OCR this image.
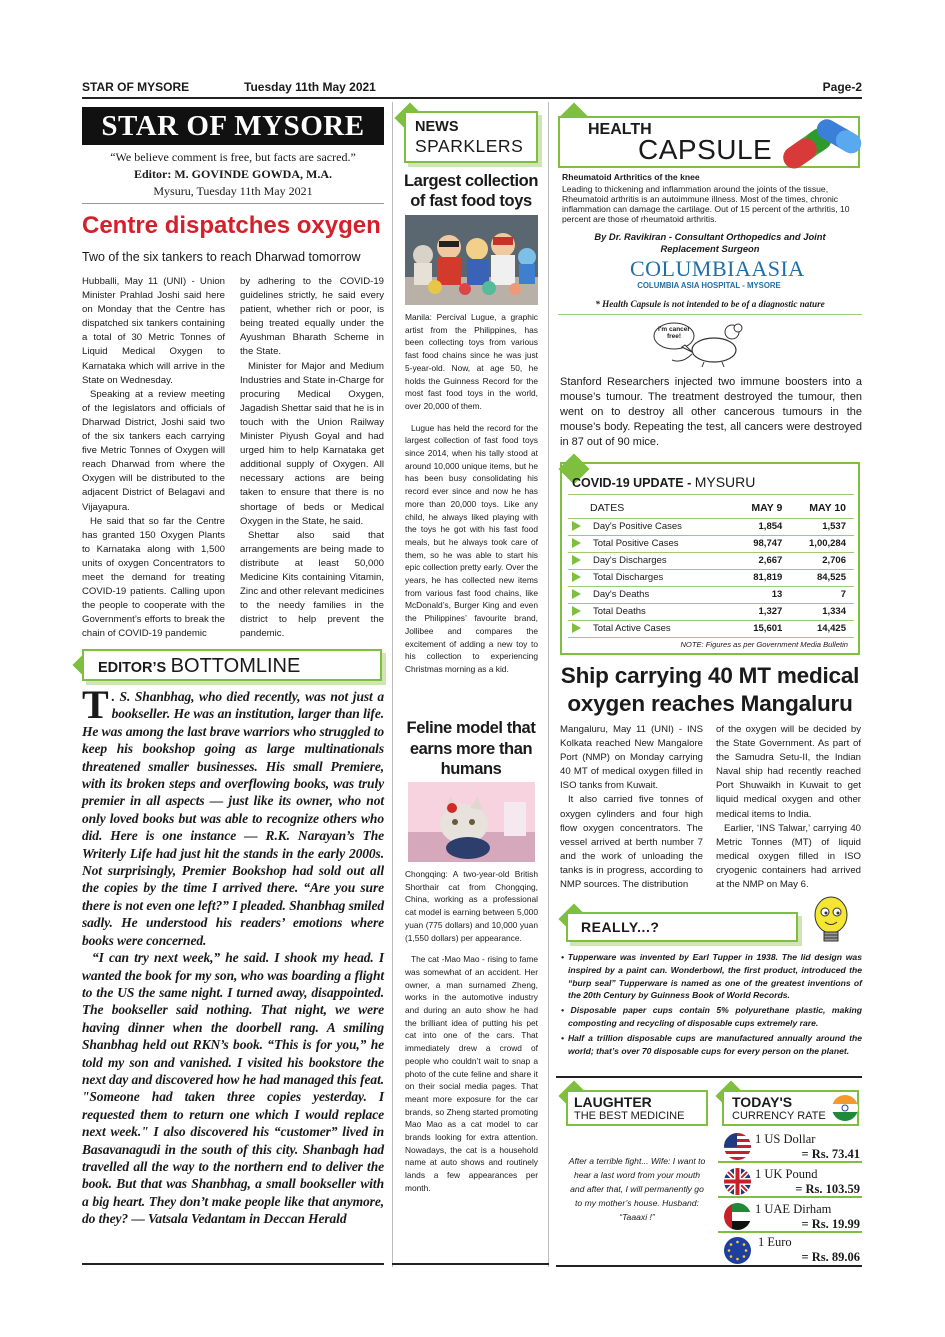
STAR OF MYSORE	Tuesday 11th May 2021	Page-2
STAR OF MYSORE
“We believe comment is free, but facts are sacred.”
Editor: M. GOVINDE GOWDA, M.A.
Mysuru, Tuesday 11th May 2021
Centre dispatches oxygen
Two of the six tankers to reach Dharwad tomorrow

Hubballi, May 11 (UNI) - Union Minister Prahlad Joshi said here on Monday that the Centre has dispatched six tankers containing a total of 30 Metric Tonnes of Liquid Medical Oxygen to Karnataka which will arrive in the State on Wednesday.

Speaking at a review meeting of the legislators and officials of Dharwad District, Joshi said two of the six tankers each carrying five Metric Tonnes of Oxygen will reach Dharwad from where the Oxygen will be distributed to the adjacent District of Belagavi and Vijayapura.

He said that so far the Centre has granted 150 Oxygen Plants to Karnataka along with 1,500 units of oxygen Concentrators to meet the demand for treating COVID-19 patients. Calling upon the people to cooperate with the Government’s efforts to break the chain of COVID-19 pandemic

by adhering to the COVID-19 guidelines strictly, he said every patient, whether rich or poor, is being treated equally under the Ayushman Bharath Scheme in the State.

Minister for Major and Medium Industries and State in-Charge for procuring Medical Oxygen, Jagadish Shettar said that he is in touch with the Union Railway Minister Piyush Goyal and had urged him to help Karnataka get additional supply of Oxygen. All necessary actions are being taken to ensure that there is no shortage of beds or Medical Oxygen in the State, he said.

Shettar also said that arrangements are being made to distribute at least 50,000 Medicine Kits containing Vitamin, Zinc and other relevant medicines to the needy families in the district to help prevent the pandemic.

EDITOR’S BOTTOMLINE
T . S. Shanbhag, who died recently, was not just a bookseller. He was an institution, larger than life. He was among the last brave warriors who struggled to keep his bookshop going as large multinationals threatened smaller businesses. His small Premiere, with its broken steps and overflowing books, was truly premier in all aspects — just like its owner, who not only loved books but was able to recognize others who did. Here is one instance — R.K. Narayan’s The Writerly Life had just hit the stands in the early 2000s. Not surprisingly, Premier Bookshop had sold out all the copies by the time I arrived there. “Are you sure there is not even one left?” I pleaded. Shanbhag smiled sadly. He understood his readers’ emotions where books were concerned.

“I can try next week,” he said. I shook my head. I wanted the book for my son, who was boarding a flight to the US the same night. I turned away, disappointed. The bookseller said nothing. That night, we were having dinner when the doorbell rang. A smiling Shanbhag held out RKN’s book. “This is for you,” he told my son and vanished. I visited his bookstore the next day and discovered how he had managed this feat. "Someone had taken three copies yesterday. I requested them to return one which I would replace next week." I also discovered his “customer” lived in Basavanagudi in the south of this city. Shanbagh had travelled all the way to the northern end to deliver the book. But that was Shanbhag, a small bookseller with a big heart. They don’t make people like that anymore, do they? — Vatsala Vedantam in Deccan Herald

NEWS
SPARKLERS
Largest collection of fast food toys

Manila: Percival Lugue, a graphic artist from the Philippines, has been collecting toys from various fast food chains since he was just 5-year-old. Now, at age 50, he holds the Guinness Record for the most fast food toys in the world, over 20,000 of them.

Lugue has held the record for the largest collection of fast food toys since 2014, when his tally stood at around 10,000 unique items, but he has been busy consolidating his record ever since and now he has more than 20,000 toys. Like any child, he always liked playing with the toys he got with his fast food meals, but he always took care of them, so he was able to start his epic collection pretty early. Over the years, he has collected new items from various fast food chains, like McDonald’s, Burger King and even the Philippines’ favourite brand, Jollibee and compares the excitement of adding a new toy to his collection to experiencing Christmas morning as a kid.

Feline model that earns more than humans

Chongqing: A two-year-old British Shorthair cat from Chongqing, China, working as a professional cat model is earning between 5,000 yuan (775 dollars) and 10,000 yuan (1,550 dollars) per appearance.

The cat -Mao Mao - rising to fame was somewhat of an accident. Her owner, a man surnamed Zheng, works in the automotive industry and during an auto show he had the brilliant idea of putting his pet cat into one of the cars. That immediately drew a crowd of people who couldn’t wait to snap a photo of the cute feline and share it on their social media pages. That meant more exposure for the car brands, so Zheng started promoting Mao Mao as a cat model to car brands looking for extra attention. Nowadays, the cat is a household name at auto shows and routinely lands a few appearances per month.

HEALTH
CAPSULE
Rheumatoid Arthritics of the knee
Leading to thickening and inflammation around the joints of the tissue, Rheumatoid arthritis is an autoimmune illness. Most of the times, chronic inflammation can damage the cartilage. Out of 15 percent of the arthritis, 10 percent are those of rheumatoid arthritis.
By Dr. Ravikiran - Consultant Orthopedics and Joint Replacement Surgeon
COLUMBIAASIA
COLUMBIA ASIA HOSPITAL - MYSORE
* Health Capsule is not intended to be of a diagnostic nature
I'm cancer free!
Stanford Researchers injected two immune boosters into a mouse’s tumour. The treatment destroyed the tumour, then went on to destroy all other cancerous tumours in the mouse’s body. Repeating the test, all cancers were destroyed in 87 out of 90 mice.
COVID-19 UPDATE - MYSURU
DATES	MAY 9	MAY 10
Day's Positive Cases	1,854	1,537
Total Positive Cases	98,747	1,00,284
Day's Discharges	2,667	2,706
Total Discharges	81,819	84,525
Day's Deaths	13	7
Total Deaths	1,327	1,334
Total Active Cases	15,601	14,425
NOTE: Figures as per Government Media Bulletin
Ship carrying 40 MT medical oxygen reaches Mangaluru

Mangaluru, May 11 (UNI) - INS Kolkata reached New Mangalore Port (NMP) on Monday carrying 40 MT of medical oxygen filled in ISO tanks from Kuwait.

It also carried five tonnes of oxygen cylinders and four high flow oxygen concentrators. The vessel arrived at berth number 7 and the work of unloading the tanks is in progress, according to NMP sources. The distribution

of the oxygen will be decided by the State Government. As part of the Samudra Setu-II, the Indian Naval ship had recently reached Port Shuwaikh in Kuwait to get liquid medical oxygen and other medical items to India.

Earlier, ‘INS Talwar,’ carrying 40 Metric Tonnes (MT) of liquid medical oxygen filled in ISO cryogenic containers had arrived at the NMP on May 6.

REALLY...?
• Tupperware was invented by Earl Tupper in 1938. The lid design was inspired by a paint can. Wonderbowl, the first product, introduced the “burp seal” Tupperware is named as one of the greatest inventions of the 20th Century by Guinness Book of World Records.
• Disposable paper cups contain 5% polyurethane plastic, making composting and recycling of disposable cups extremely rare.
• Half a trillion disposable cups are manufactured annually around the world; that’s over 70 disposable cups for every person on the planet.
LAUGHTER
THE BEST MEDICINE
After a terrible fight... Wife: I want to hear a last word from your mouth and after that, I will permanently go to my mother’s house. Husband: “Taaaxi !”
TODAY'S
CURRENCY RATE
1 US Dollar
= Rs. 73.41
1 UK Pound
= Rs. 103.59
1 UAE Dirham
= Rs. 19.99
1 Euro
= Rs. 89.06
